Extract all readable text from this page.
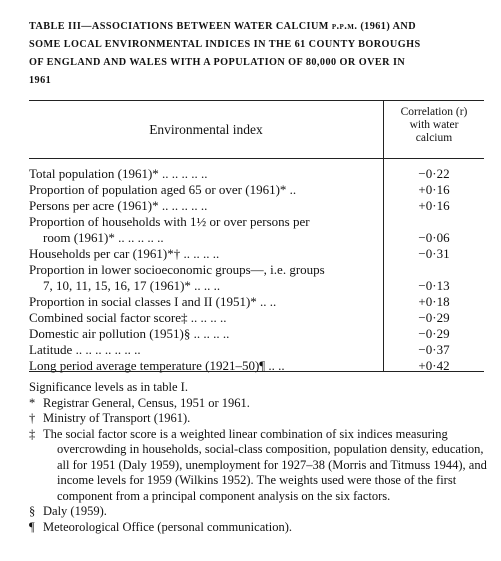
TABLE III—ASSOCIATIONS BETWEEN WATER CALCIUM p.p.m. (1961) AND
SOME LOCAL ENVIRONMENTAL INDICES IN THE 61 COUNTY BOROUGHS
OF ENGLAND AND WALES WITH A POPULATION OF 80,000 OR OVER IN
1961
Environmental index
Correlation (r)
with water
calcium
Total population (1961)* .. .. .. .. ..	−0·22
Proportion of population aged 65 or over (1961)* ..	+0·16
Persons per acre (1961)* .. .. .. .. ..	+0·16
Proportion of households with 1½ or over persons per
room (1961)* .. .. .. .. ..	−0·06
Households per car (1961)*† .. .. .. ..	−0·31
Proportion in lower socioeconomic groups—, i.e. groups
7, 10, 11, 15, 16, 17 (1961)* .. .. ..	−0·13
Proportion in social classes I and II (1951)* .. ..	+0·18
Combined social factor score‡ .. .. .. ..	−0·29
Domestic air pollution (1951)§ .. .. .. ..	−0·29
Latitude .. .. .. .. .. .. ..	−0·37
Long period average temperature (1921–50)¶ .. ..	+0·42
Significance levels as in table I.
* Registrar General, Census, 1951 or 1961.
† Ministry of Transport (1961).
‡ The social factor score is a weighted linear combination of six indices measuring overcrowding in households, social-class composition, population density, education, all for 1951 (Daly 1959), unemployment for 1927–38 (Morris and Titmuss 1944), and income levels for 1959 (Wilkins 1952). The weights used were those of the first component from a principal component analysis on the six factors.
§ Daly (1959).
¶ Meteorological Office (personal communication).
